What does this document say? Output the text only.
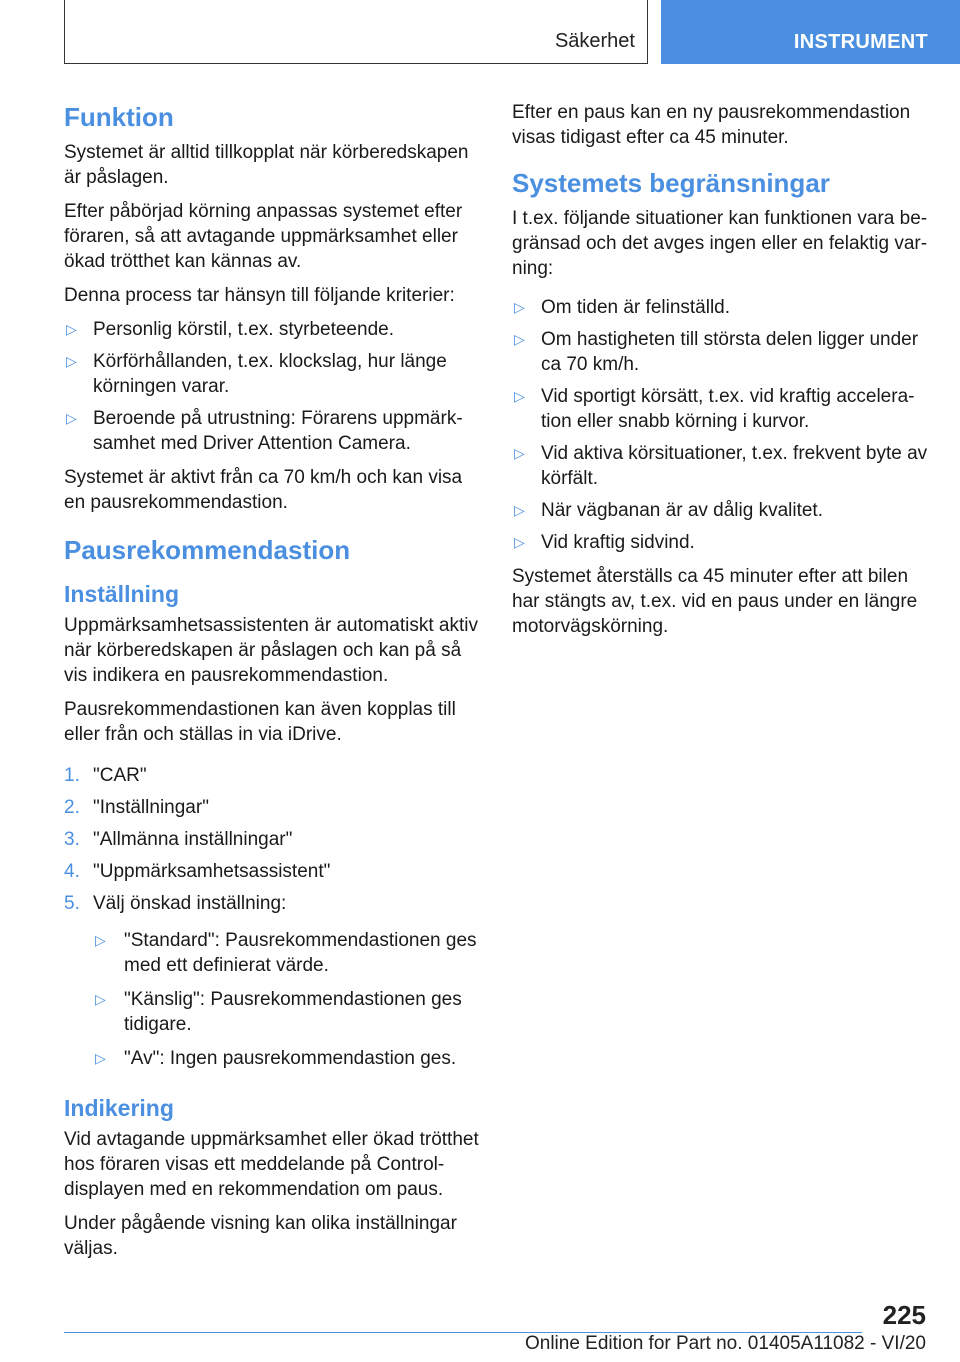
Säkerhet	INSTRUMENT
Funktion

Systemet är alltid tillkopplat när körberedskapen är påslagen.

Efter påbörjad körning anpassas systemet efter föraren, så att avtagande uppmärksamhet eller ökad trötthet kan kännas av.

Denna process tar hänsyn till följande kriterier:

▷ Personlig körstil, t.ex. styrbeteende.
▷ Körförhållanden, t.ex. klockslag, hur länge körningen varar.
▷ Beroende på utrustning: Förarens uppmärksamhet med Driver Attention Camera.

Systemet är aktivt från ca 70 km/h och kan visa en pausrekommendastion.

Pausrekommendastion
Inställning

Uppmärksamhetsassistenten är automatiskt aktiv när körberedskapen är påslagen och kan på så vis indikera en pausrekommendastion.

Pausrekommendastionen kan även kopplas till eller från och ställas in via iDrive.

1. "CAR"
2. "Inställningar"
3. "Allmänna inställningar"
4. "Uppmärksamhetsassistent"
5. Välj önskad inställning:
▷ "Standard": Pausrekommendastionen ges med ett definierat värde.
▷ "Känslig": Pausrekommendastionen ges tidigare.
▷ "Av": Ingen pausrekommendastion ges.
Indikering

Vid avtagande uppmärksamhet eller ökad trötthet hos föraren visas ett meddelande på Control-displayen med en rekommendation om paus.

Under pågående visning kan olika inställningar väljas.

Efter en paus kan en ny pausrekommendastion visas tidigast efter ca 45 minuter.

Systemets begränsningar

I t.ex. följande situationer kan funktionen vara begränsad och det avges ingen eller en felaktig varning:

▷ Om tiden är felinställd.
▷ Om hastigheten till största delen ligger under ca 70 km/h.
▷ Vid sportigt körsätt, t.ex. vid kraftig acceleration eller snabb körning i kurvor.
▷ Vid aktiva körsituationer, t.ex. frekvent byte av körfält.
▷ När vägbanan är av dålig kvalitet.
▷ Vid kraftig sidvind.

Systemet återställs ca 45 minuter efter att bilen har stängts av, t.ex. vid en paus under en längre motorvägskörning.

225
Online Edition for Part no. 01405A11082 - VI/20
